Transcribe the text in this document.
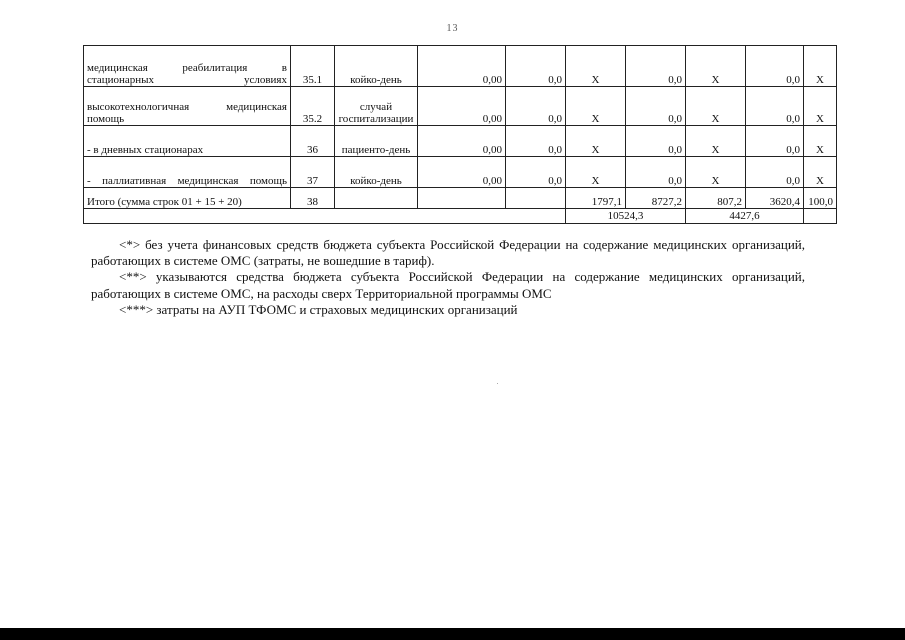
13
медицинская реабилитация в стационарных условиях	35.1	койко-день	0,00	0,0	Х	0,0	Х	0,0	Х
высокотехнологичная медицинская помощь	35.2	случай госпитализации	0,00	0,0	Х	0,0	Х	0,0	Х
- в дневных стационарах	36	пациенто-день	0,00	0,0	Х	0,0	Х	0,0	Х
- паллиативная медицинская помощь	37	койко-день	0,00	0,0	Х	0,0	Х	0,0	Х
Итого (сумма строк 01 + 15 + 20)	38				1797,1	8727,2	807,2	3620,4	100,0
					10524,3		4427,6		

<*> без учета финансовых средств бюджета субъекта Российской Федерации на содержание медицинских организаций, работающих в системе ОМС (затраты, не вошедшие в тариф).

<**> указываются средства бюджета субъекта Российской Федерации на содержание медицинских организаций, работающих в системе ОМС, на расходы сверх Территориальной программы ОМС

<***> затраты на АУП ТФОМС и страховых медицинских организаций
